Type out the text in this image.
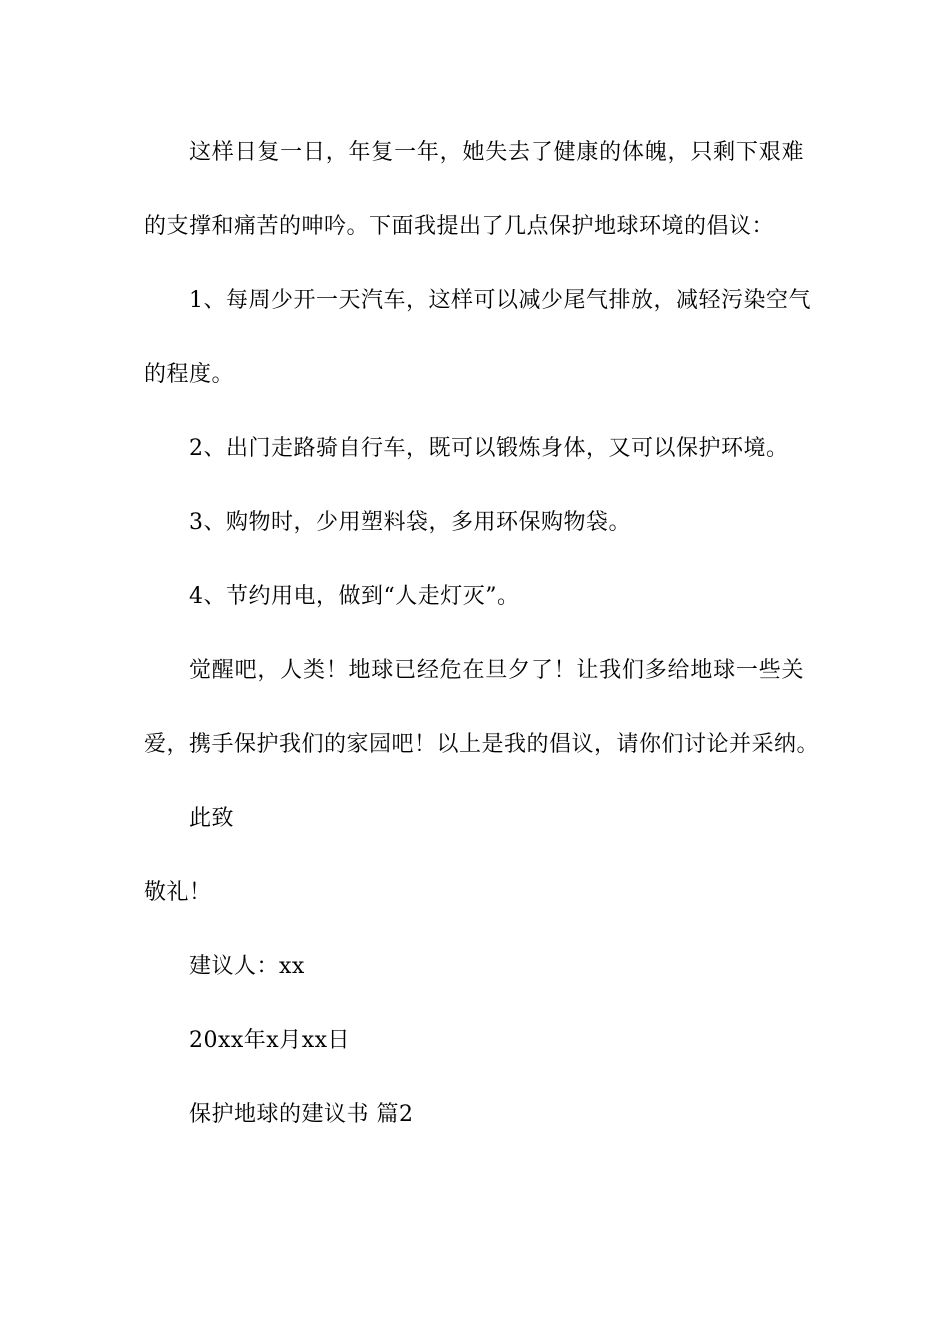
这样日复一日，年复一年，她失去了健康的体魄，只剩下艰难
的支撑和痛苦的呻吟。下面我提出了几点保护地球环境的倡议：
1、每周少开一天汽车，这样可以减少尾气排放，减轻污染空气
的程度。
2、出门走路骑自行车，既可以锻炼身体，又可以保护环境。
3、购物时，少用塑料袋，多用环保购物袋。
4、节约用电，做到“人走灯灭”。
觉醒吧，人类！地球已经危在旦夕了！让我们多给地球一些关
爱，携手保护我们的家园吧！以上是我的倡议，请你们讨论并采纳。
此致
敬礼！
建议人：xx
20xx年x月xx日
保护地球的建议书 篇2
